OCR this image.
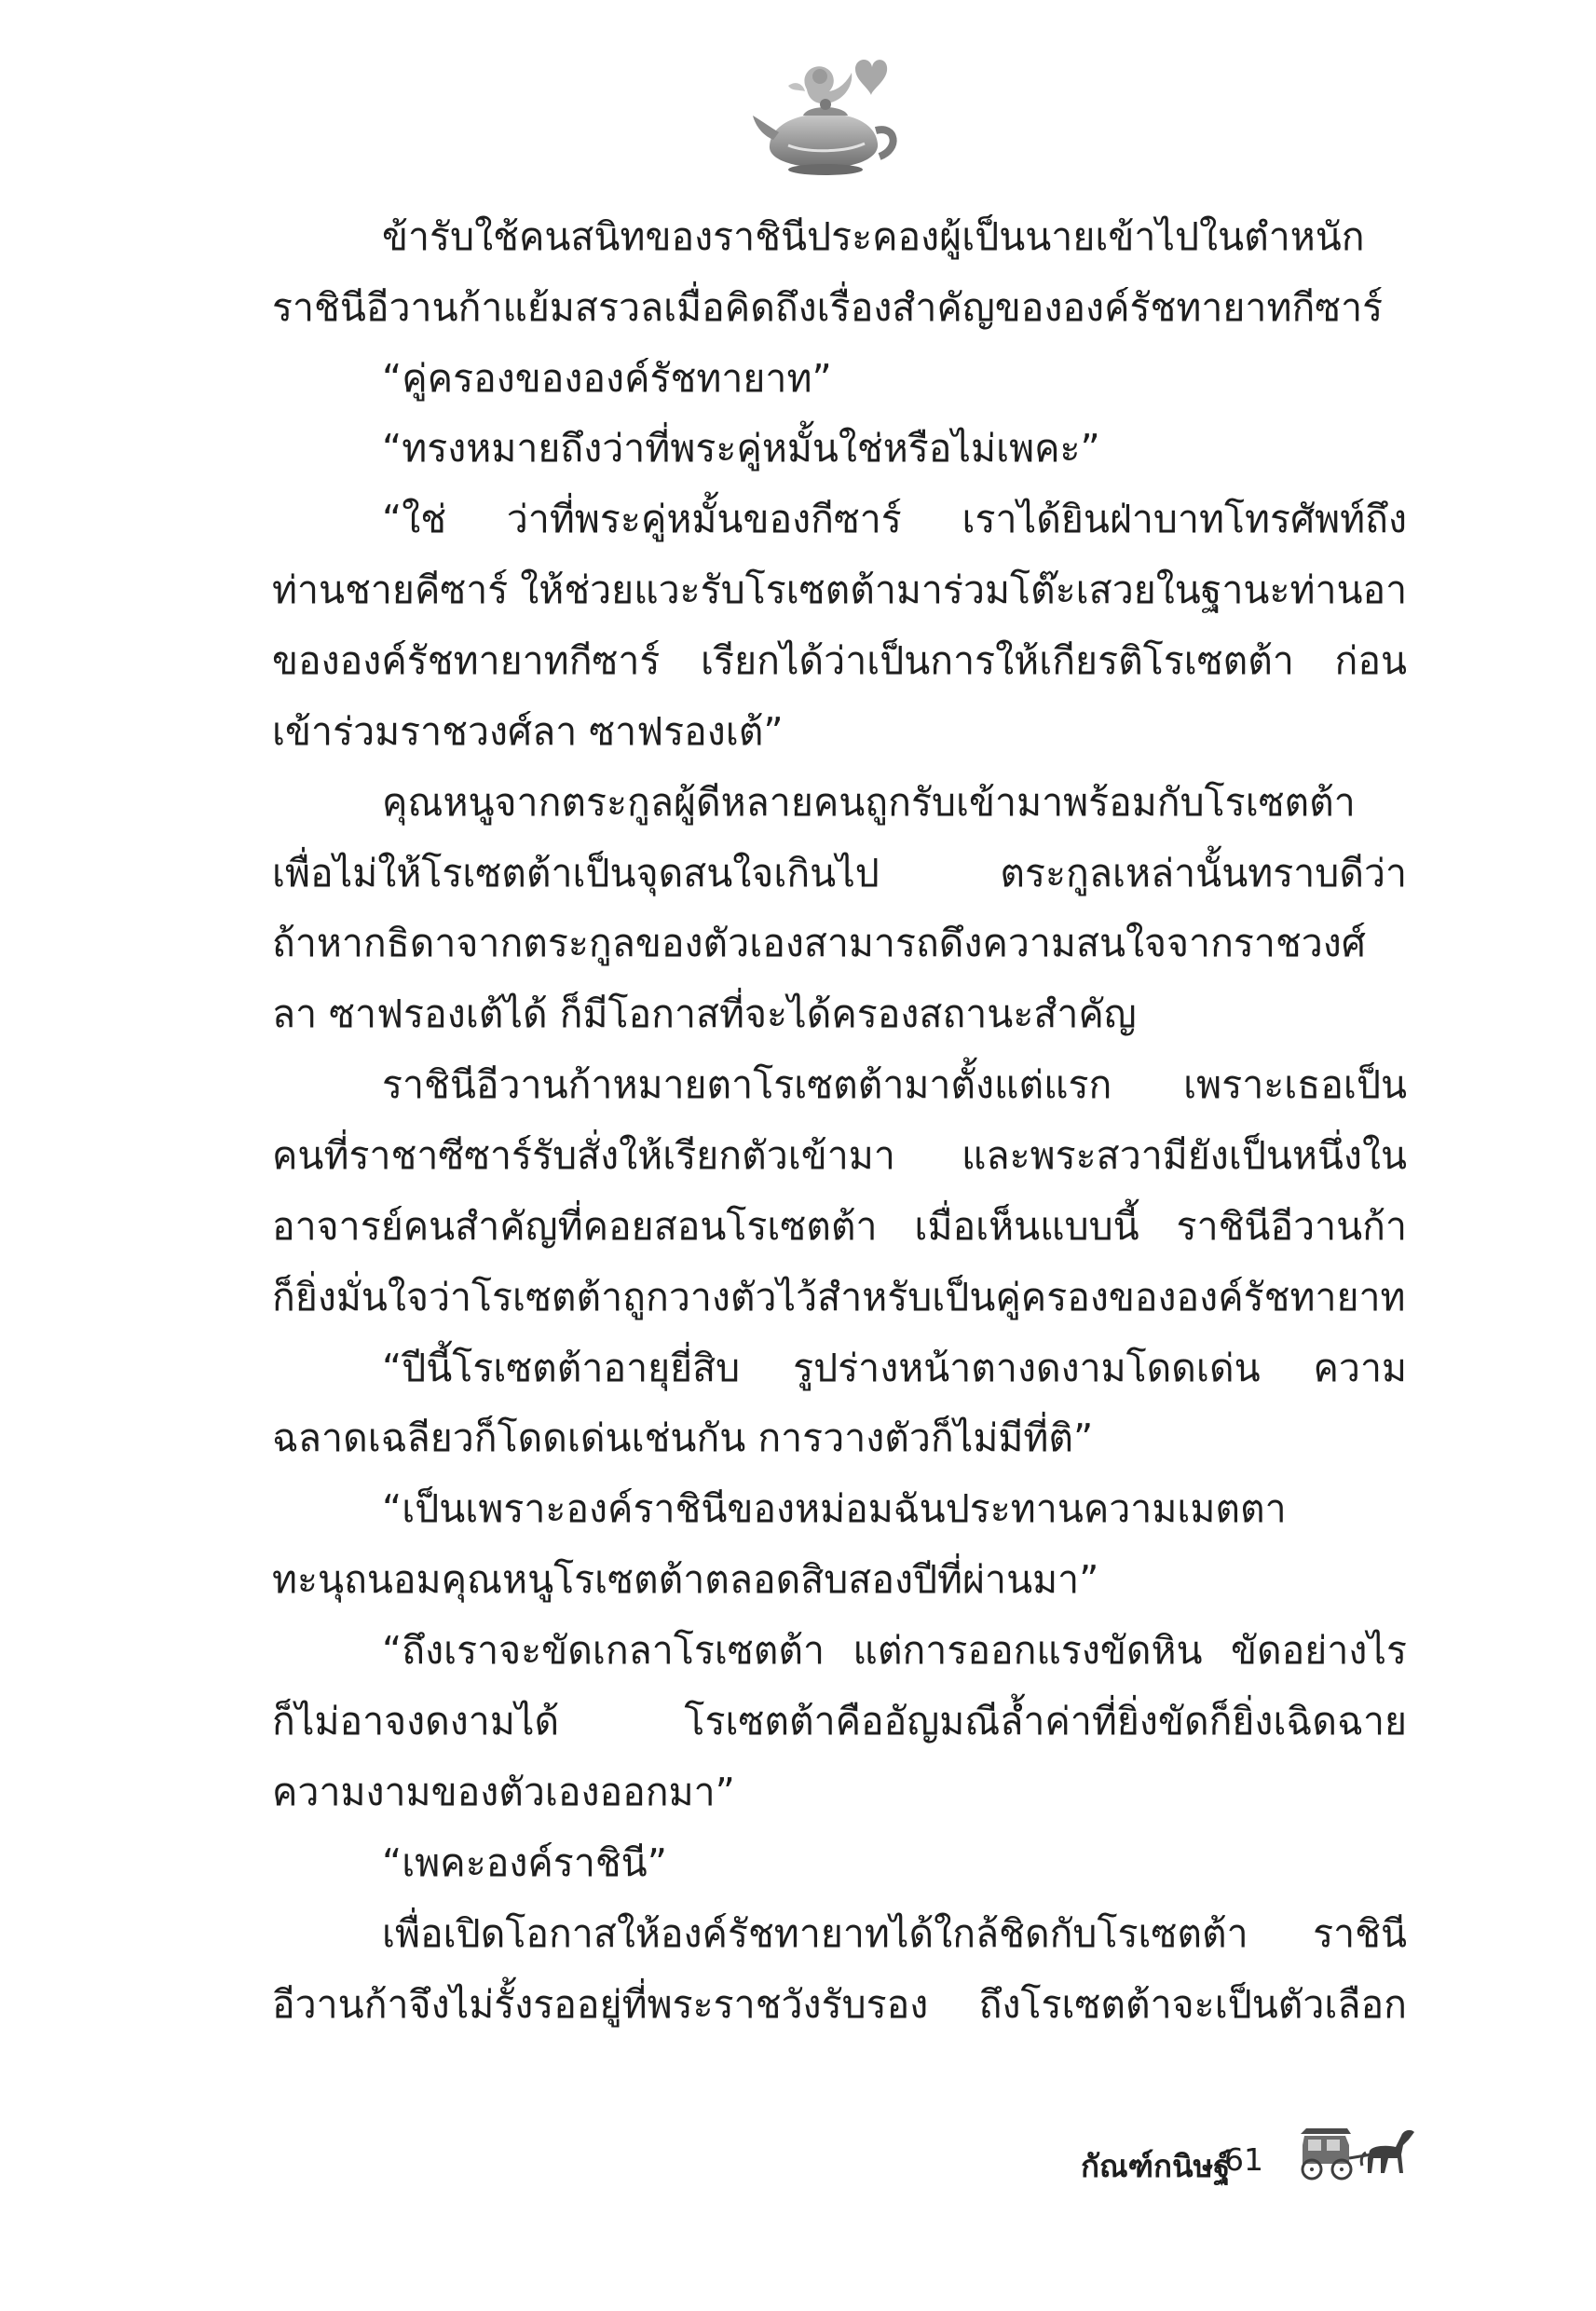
ข้ารับใช้คนสนิทของราชินีประคองผู้เป็นนายเข้าไปในตำหนัก
ราชินีอีวานก้าแย้มสรวลเมื่อคิดถึงเรื่องสำคัญขององค์รัชทายาทกีซาร์
“คู่ครองขององค์รัชทายาท”
“ทรงหมายถึงว่าที่พระคู่หมั้นใช่หรือไม่เพคะ”
“ใช่ ว่าที่พระคู่หมั้นของกีซาร์ เราได้ยินฝ่าบาทโทรศัพท์ถึง
ท่านชายคีซาร์ ให้ช่วยแวะรับโรเซตต้ามาร่วมโต๊ะเสวยในฐานะท่านอา
ขององค์รัชทายาทกีซาร์ เรียกได้ว่าเป็นการให้เกียรติโรเซตต้า ก่อน
เข้าร่วมราชวงศ์ลา ซาฟรองเต้”
คุณหนูจากตระกูลผู้ดีหลายคนถูกรับเข้ามาพร้อมกับโรเซตต้า
เพื่อไม่ให้โรเซตต้าเป็นจุดสนใจเกินไป ตระกูลเหล่านั้นทราบดีว่า
ถ้าหากธิดาจากตระกูลของตัวเองสามารถดึงความสนใจจากราชวงศ์
ลา ซาฟรองเต้ได้ ก็มีโอกาสที่จะได้ครองสถานะสำคัญ
ราชินีอีวานก้าหมายตาโรเซตต้ามาตั้งแต่แรก เพราะเธอเป็น
คนที่ราชาซีซาร์รับสั่งให้เรียกตัวเข้ามา และพระสวามียังเป็นหนึ่งใน
อาจารย์คนสำคัญที่คอยสอนโรเซตต้า เมื่อเห็นแบบนี้ ราชินีอีวานก้า
ก็ยิ่งมั่นใจว่าโรเซตต้าถูกวางตัวไว้สำหรับเป็นคู่ครองขององค์รัชทายาท
“ปีนี้โรเซตต้าอายุยี่สิบ รูปร่างหน้าตางดงามโดดเด่น ความ
ฉลาดเฉลียวก็โดดเด่นเช่นกัน การวางตัวก็ไม่มีที่ติ”
“เป็นเพราะองค์ราชินีของหม่อมฉันประทานความเมตตา
ทะนุถนอมคุณหนูโรเซตต้าตลอดสิบสองปีที่ผ่านมา”
“ถึงเราจะขัดเกลาโรเซตต้า แต่การออกแรงขัดหิน ขัดอย่างไร
ก็ไม่อาจงดงามได้ โรเซตต้าคืออัญมณีล้ำค่าที่ยิ่งขัดก็ยิ่งเฉิดฉาย
ความงามของตัวเองออกมา”
“เพคะองค์ราชินี”
เพื่อเปิดโอกาสให้องค์รัชทายาทได้ใกล้ชิดกับโรเซตต้า ราชินี
อีวานก้าจึงไม่รั้งรออยู่ที่พระราชวังรับรอง ถึงโรเซตต้าจะเป็นตัวเลือก
กัณฑ์กนิษฐ์
61
